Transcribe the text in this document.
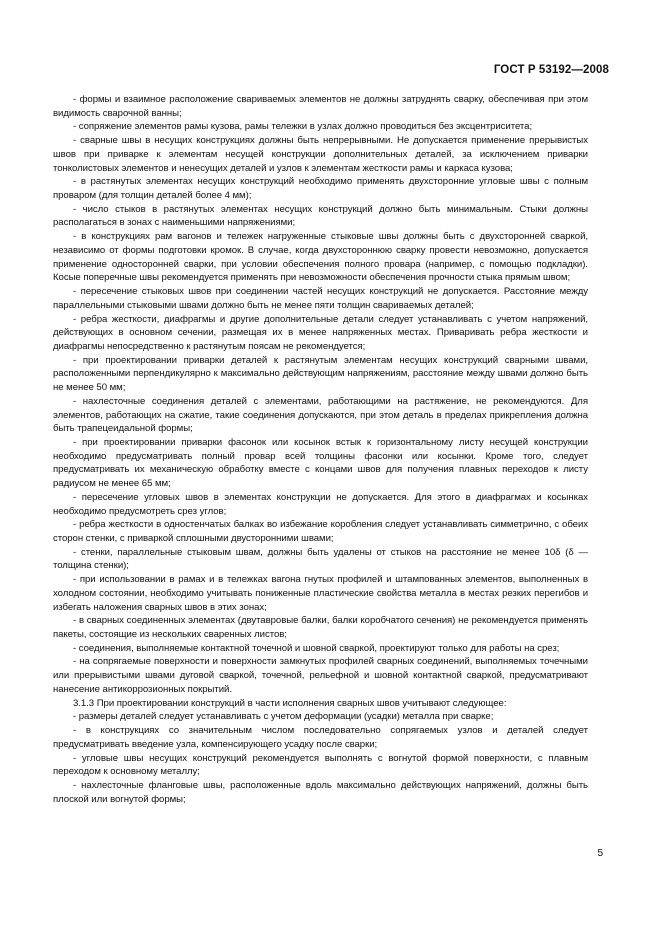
ГОСТ Р 53192—2008

- формы и взаимное расположение свариваемых элементов не должны затруднять сварку, обеспечивая при этом видимость сварочной ванны;

- сопряжение элементов рамы кузова, рамы тележки в узлах должно проводиться без эксцентриситета;

- сварные швы в несущих конструкциях должны быть непрерывными. Не допускается применение прерывистых швов при приварке к элементам несущей конструкции дополнительных деталей, за исключением приварки тонколистовых элементов и ненесущих деталей и узлов к элементам жесткости рамы и каркаса кузова;

- в растянутых элементах несущих конструкций необходимо применять двухсторонние угловые швы с полным проваром (для толщин деталей более 4 мм);

- число стыков в растянутых элементах несущих конструкций должно быть минимальным. Стыки должны располагаться в зонах с наименьшими напряжениями;

- в конструкциях рам вагонов и тележек нагруженные стыковые швы должны быть с двухсторонней сваркой, независимо от формы подготовки кромок. В случае, когда двухстороннюю сварку провести невозможно, допускается применение односторонней сварки, при условии обеспечения полного провара (например, с помощью подкладки). Косые поперечные швы рекомендуется применять при невозможности обеспечения прочности стыка прямым швом;

- пересечение стыковых швов при соединении частей несущих конструкций не допускается. Расстояние между параллельными стыковыми швами должно быть не менее пяти толщин свариваемых деталей;

- ребра жесткости, диафрагмы и другие дополнительные детали следует устанавливать с учетом напряжений, действующих в основном сечении, размещая их в менее напряженных местах. Приваривать ребра жесткости и диафрагмы непосредственно к растянутым поясам не рекомендуется;

- при проектировании приварки деталей к растянутым элементам несущих конструкций сварными швами, расположенными перпендикулярно к максимально действующим напряжениям, расстояние между швами должно быть не менее 50 мм;

- нахлесточные соединения деталей с элементами, работающими на растяжение, не рекомендуются. Для элементов, работающих на сжатие, такие соединения допускаются, при этом деталь в пределах прикрепления должна быть трапецеидальной формы;

- при проектировании приварки фасонок или косынок встык к горизонтальному листу несущей конструкции необходимо предусматривать полный провар всей толщины фасонки или косынки. Кроме того, следует предусматривать их механическую обработку вместе с концами швов для получения плавных переходов к листу радиусом не менее 65 мм;

- пересечение угловых швов в элементах конструкции не допускается. Для этого в диафрагмах и косынках необходимо предусмотреть срез углов;

- ребра жесткости в одностенчатых балках во избежание коробления следует устанавливать симметрично, с обеих сторон стенки, с приваркой сплошными двусторонними швами;

- стенки, параллельные стыковым швам, должны быть удалены от стыков на расстояние не менее 10δ (δ — толщина стенки);

- при использовании в рамах и в тележках вагона гнутых профилей и штампованных элементов, выполненных в холодном состоянии, необходимо учитывать пониженные пластические свойства металла в местах резких перегибов и избегать наложения сварных швов в этих зонах;

- в сварных соединенных элементах (двутавровые балки, балки коробчатого сечения) не рекомендуется применять пакеты, состоящие из нескольких сваренных листов;

- соединения, выполняемые контактной точечной и шовной сваркой, проектируют только для работы на срез;

- на сопрягаемые поверхности и поверхности замкнутых профилей сварных соединений, выполняемых точечными или прерывистыми швами дуговой сваркой, точечной, рельефной и шовной контактной сваркой, предусматривают нанесение антикоррозионных покрытий.

3.1.3 При проектировании конструкций в части исполнения сварных швов учитывают следующее:

- размеры деталей следует устанавливать с учетом деформации (усадки) металла при сварке;

- в конструкциях со значительным числом последовательно сопрягаемых узлов и деталей следует предусматривать введение узла, компенсирующего усадку после сварки;

- угловые швы несущих конструкций рекомендуется выполнять с вогнутой формой поверхности, с плавным переходом к основному металлу;

- нахлесточные фланговые швы, расположенные вдоль максимально действующих напряжений, должны быть плоской или вогнутой формы;

5
